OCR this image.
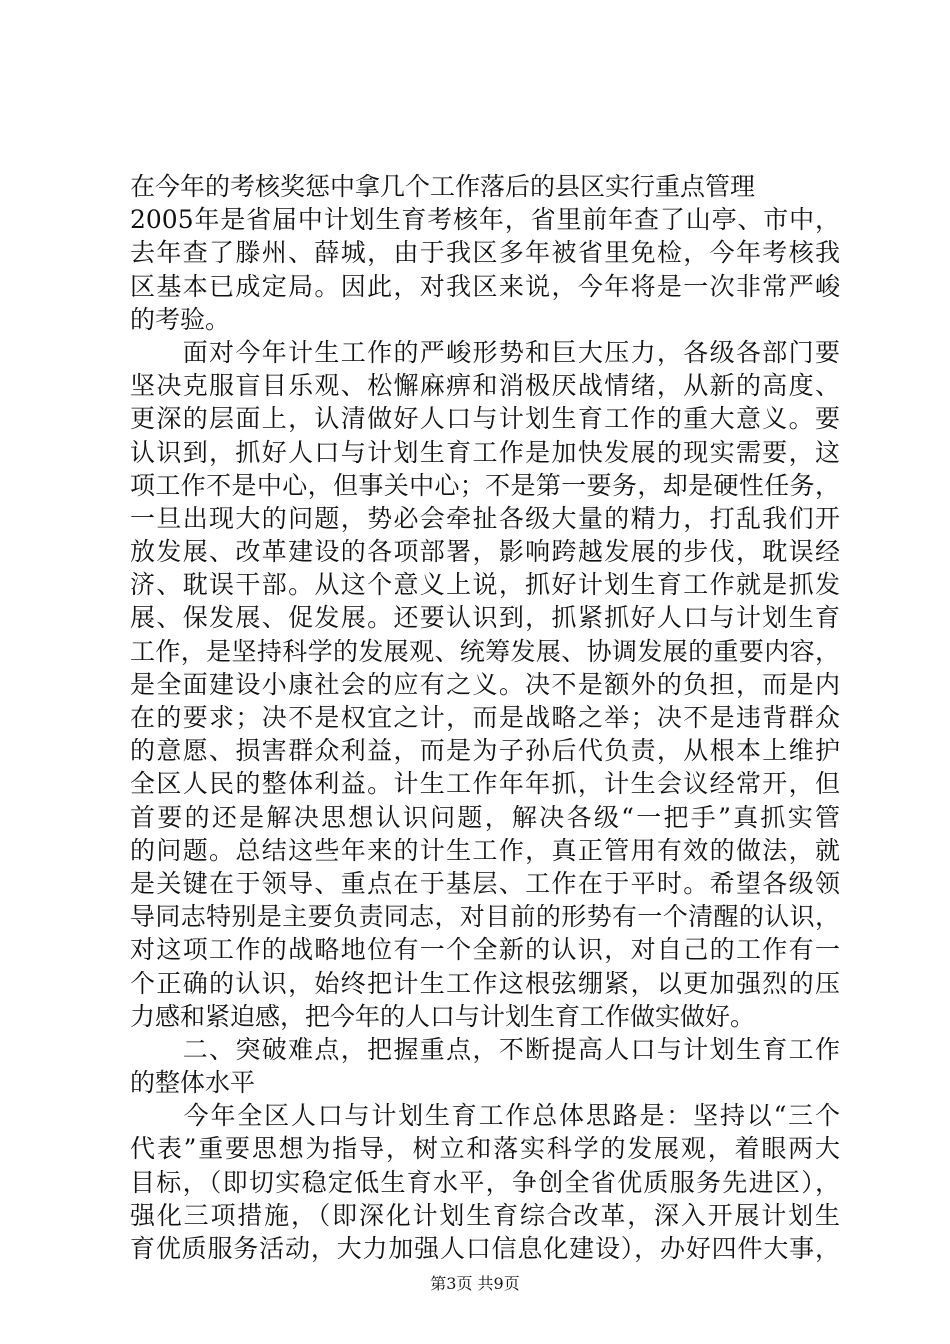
在今年的考核奖惩中拿几个工作落后的县区实行重点管理
2005年是省届中计划生育考核年，省里前年查了山亭、市中，
去年查了滕州、薛城，由于我区多年被省里免检，今年考核我
区基本已成定局。因此，对我区来说，今年将是一次非常严峻
的考验。
　　面对今年计生工作的严峻形势和巨大压力，各级各部门要
坚决克服盲目乐观、松懈麻痹和消极厌战情绪，从新的高度、
更深的层面上，认清做好人口与计划生育工作的重大意义。要
认识到，抓好人口与计划生育工作是加快发展的现实需要，这
项工作不是中心，但事关中心；不是第一要务，却是硬性任务，
一旦出现大的问题，势必会牵扯各级大量的精力，打乱我们开
放发展、改革建设的各项部署，影响跨越发展的步伐，耽误经
济、耽误干部。从这个意义上说，抓好计划生育工作就是抓发
展、保发展、促发展。还要认识到，抓紧抓好人口与计划生育
工作，是坚持科学的发展观、统筹发展、协调发展的重要内容，
是全面建设小康社会的应有之义。决不是额外的负担，而是内
在的要求；决不是权宜之计，而是战略之举；决不是违背群众
的意愿、损害群众利益，而是为子孙后代负责，从根本上维护
全区人民的整体利益。计生工作年年抓，计生会议经常开，但
首要的还是解决思想认识问题，解决各级“一把手”真抓实管
的问题。总结这些年来的计生工作，真正管用有效的做法，就
是关键在于领导、重点在于基层、工作在于平时。希望各级领
导同志特别是主要负责同志，对目前的形势有一个清醒的认识，
对这项工作的战略地位有一个全新的认识，对自己的工作有一
个正确的认识，始终把计生工作这根弦绷紧，以更加强烈的压
力感和紧迫感，把今年的人口与计划生育工作做实做好。
　　二、突破难点，把握重点，不断提高人口与计划生育工作
的整体水平
　　今年全区人口与计划生育工作总体思路是：坚持以“三个
代表”重要思想为指导，树立和落实科学的发展观，着眼两大
目标，（即切实稳定低生育水平，争创全省优质服务先进区），
强化三项措施，（即深化计划生育综合改革，深入开展计划生
育优质服务活动，大力加强人口信息化建设），办好四件大事，
第3页 共9页
